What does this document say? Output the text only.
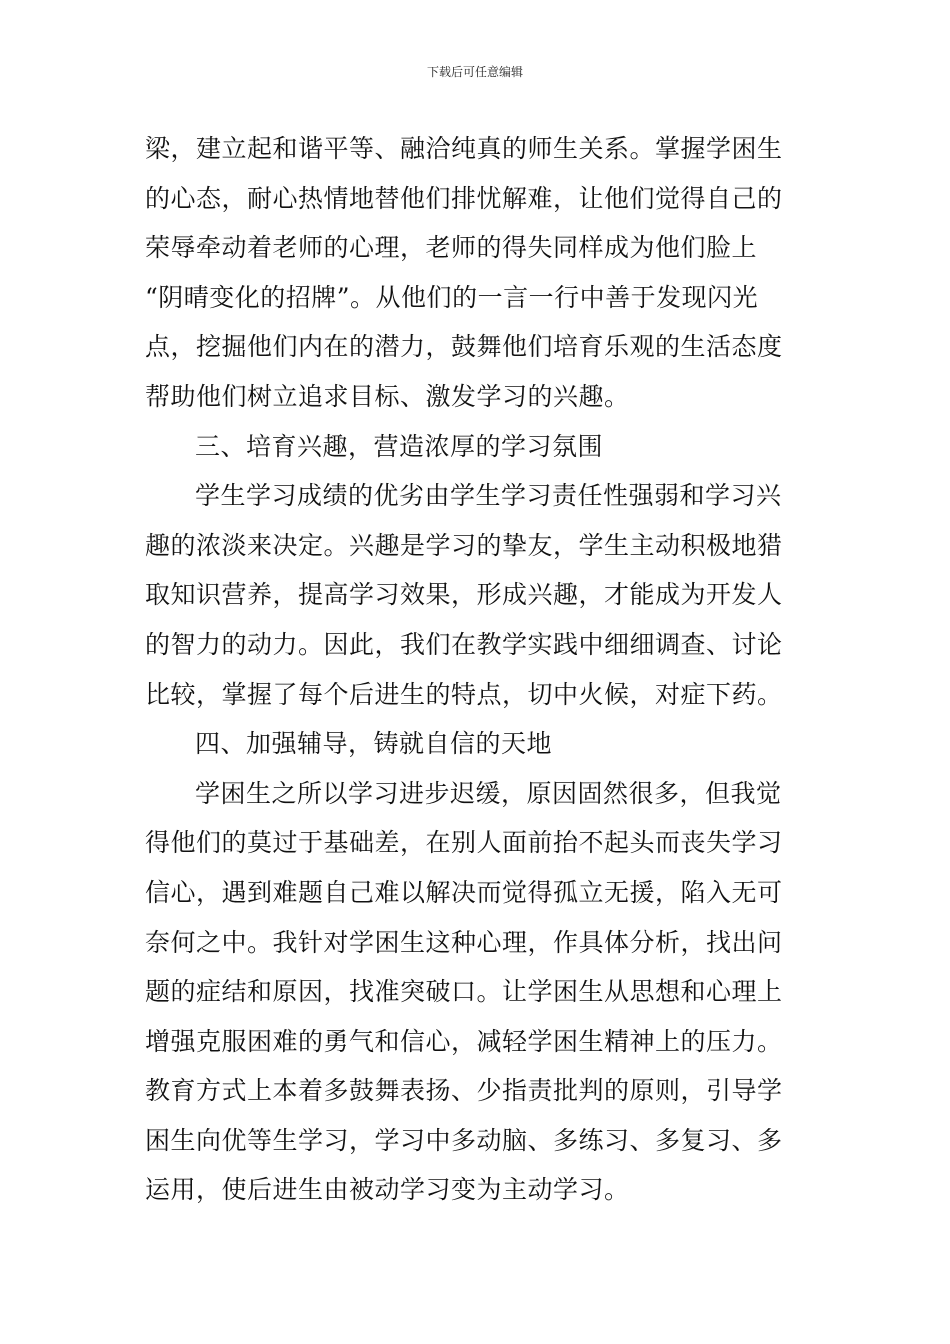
下载后可任意编辑
梁，建立起和谐平等、融洽纯真的师生关系。掌握学困生
的心态，耐心热情地替他们排忧解难，让他们觉得自己的
荣辱牵动着老师的心理，老师的得失同样成为他们脸上
“阴晴变化的招牌”。从他们的一言一行中善于发现闪光
点，挖掘他们内在的潜力，鼓舞他们培育乐观的生活态度
帮助他们树立追求目标、激发学习的兴趣。
三、培育兴趣，营造浓厚的学习氛围
学生学习成绩的优劣由学生学习责任性强弱和学习兴
趣的浓淡来决定。兴趣是学习的挚友，学生主动积极地猎
取知识营养，提高学习效果，形成兴趣，才能成为开发人
的智力的动力。因此，我们在教学实践中细细调查、讨论
比较，掌握了每个后进生的特点，切中火候，对症下药。
四、加强辅导，铸就自信的天地
学困生之所以学习进步迟缓，原因固然很多，但我觉
得他们的莫过于基础差，在别人面前抬不起头而丧失学习
信心，遇到难题自己难以解决而觉得孤立无援，陷入无可
奈何之中。我针对学困生这种心理，作具体分析，找出问
题的症结和原因，找准突破口。让学困生从思想和心理上
增强克服困难的勇气和信心，减轻学困生精神上的压力。
教育方式上本着多鼓舞表扬、少指责批判的原则，引导学
困生向优等生学习，学习中多动脑、多练习、多复习、多
运用，使后进生由被动学习变为主动学习。
